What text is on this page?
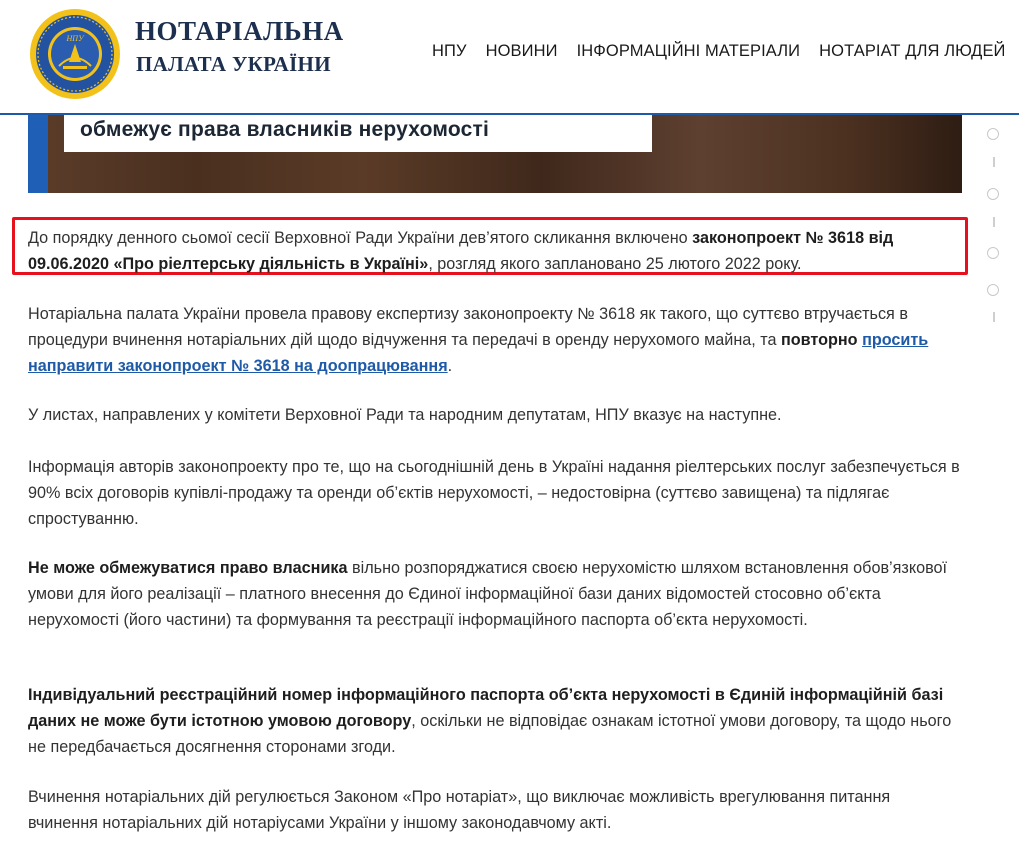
НПУ НОТАРІАЛЬНА
ПАЛАТА УКРАЇНИ
НПУ НОВИНИ ІНФОРМАЦІЙНІ МАТЕРІАЛИ НОТАРІАТ ДЛЯ ЛЮДЕЙ
обмежує права власників нерухомості
До порядку денного сьомої сесії Верховної Ради України дев’ятого скликання включено законопроект № 3618 від 09.06.2020 «Про ріелтерську діяльність в Україні», розгляд якого заплановано 25 лютого 2022 року.
Нотаріальна палата України провела правову експертизу законопроекту № 3618 як такого, що суттєво втручається в процедури вчинення нотаріальних дій щодо відчуження та передачі в оренду нерухомого майна, та повторно просить направити законопроект № 3618 на доопрацювання.
У листах, направлених у комітети Верховної Ради та народним депутатам, НПУ вказує на наступне.
Інформація авторів законопроекту про те, що на сьогоднішній день в Україні надання ріелтерських послуг забезпечується в 90% всіх договорів купівлі-продажу та оренди об’єктів нерухомості, – недостовірна (суттєво завищена) та підлягає спростуванню.
Не може обмежуватися право власника вільно розпоряджатися своєю нерухомістю шляхом встановлення обов’язкової умови для його реалізації – платного внесення до Єдиної інформаційної бази даних відомостей стосовно об’єкта нерухомості (його частини) та формування та реєстрації інформаційного паспорта об’єкта нерухомості.
Індивідуальний реєстраційний номер інформаційного паспорта об’єкта нерухомості в Єдиній інформаційній базі даних не може бути істотною умовою договору, оскільки не відповідає ознакам істотної умови договору, та щодо нього не передбачається досягнення сторонами згоди.
Вчинення нотаріальних дій регулюється Законом «Про нотаріат», що виключає можливість врегулювання питання вчинення нотаріальних дій нотаріусами України у іншому законодавчому акті.
